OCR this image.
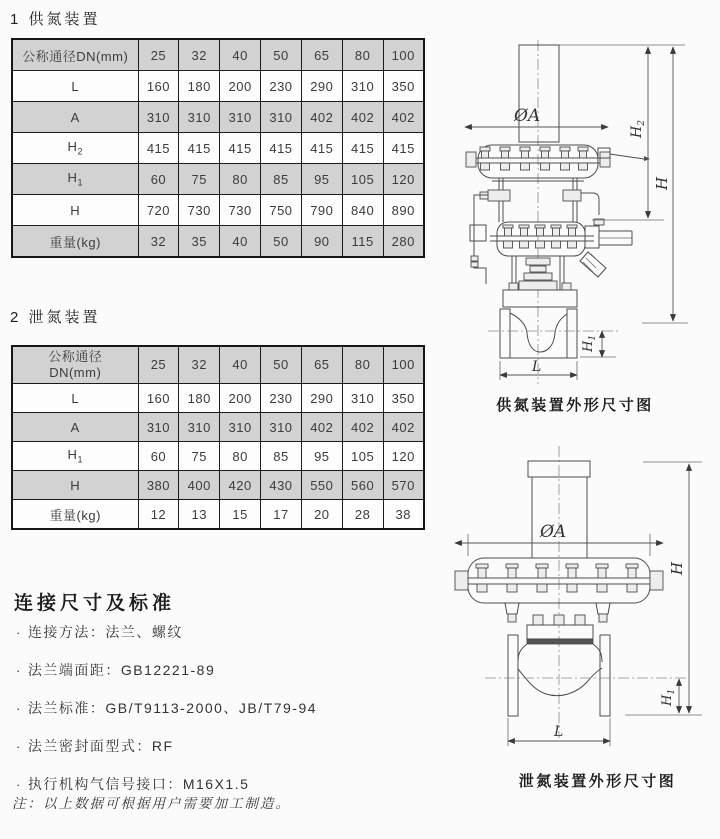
1 供氮装置
公称通径DN(mm)	25	32	40	50	65	80	100
L	160	180	200	230	290	310	350
A	310	310	310	310	402	402	402
$H_2$	415	415	415	415	415	415	415
$H_1$	60	75	80	85	95	105	120
H	720	730	730	750	790	840	890
重量(kg)	32	35	40	50	90	115	280
2 泄氮装置
公称通径
DN(mm)	25	32	40	50	65	80	100
L	160	180	200	230	290	310	350
A	310	310	310	310	402	402	402
$H_1$	60	75	80	85	95	105	120
H	380	400	420	430	550	560	570
重量(kg)	12	13	15	17	20	28	38
连接尺寸及标准
· 连接方法：法兰、螺纹
· 法兰端面距：GB12221-89
· 法兰标准：GB/T9113-2000、JB/T79-94
· 法兰密封面型式：RF
· 执行机构气信号接口：M16X1.5
注：以上数据可根据用户需要加工制造。
ØA
$H_1$
L
$H_2$
H
供氮装置外形尺寸图
ØA
H
$H_1$
L
泄氮装置外形尺寸图
